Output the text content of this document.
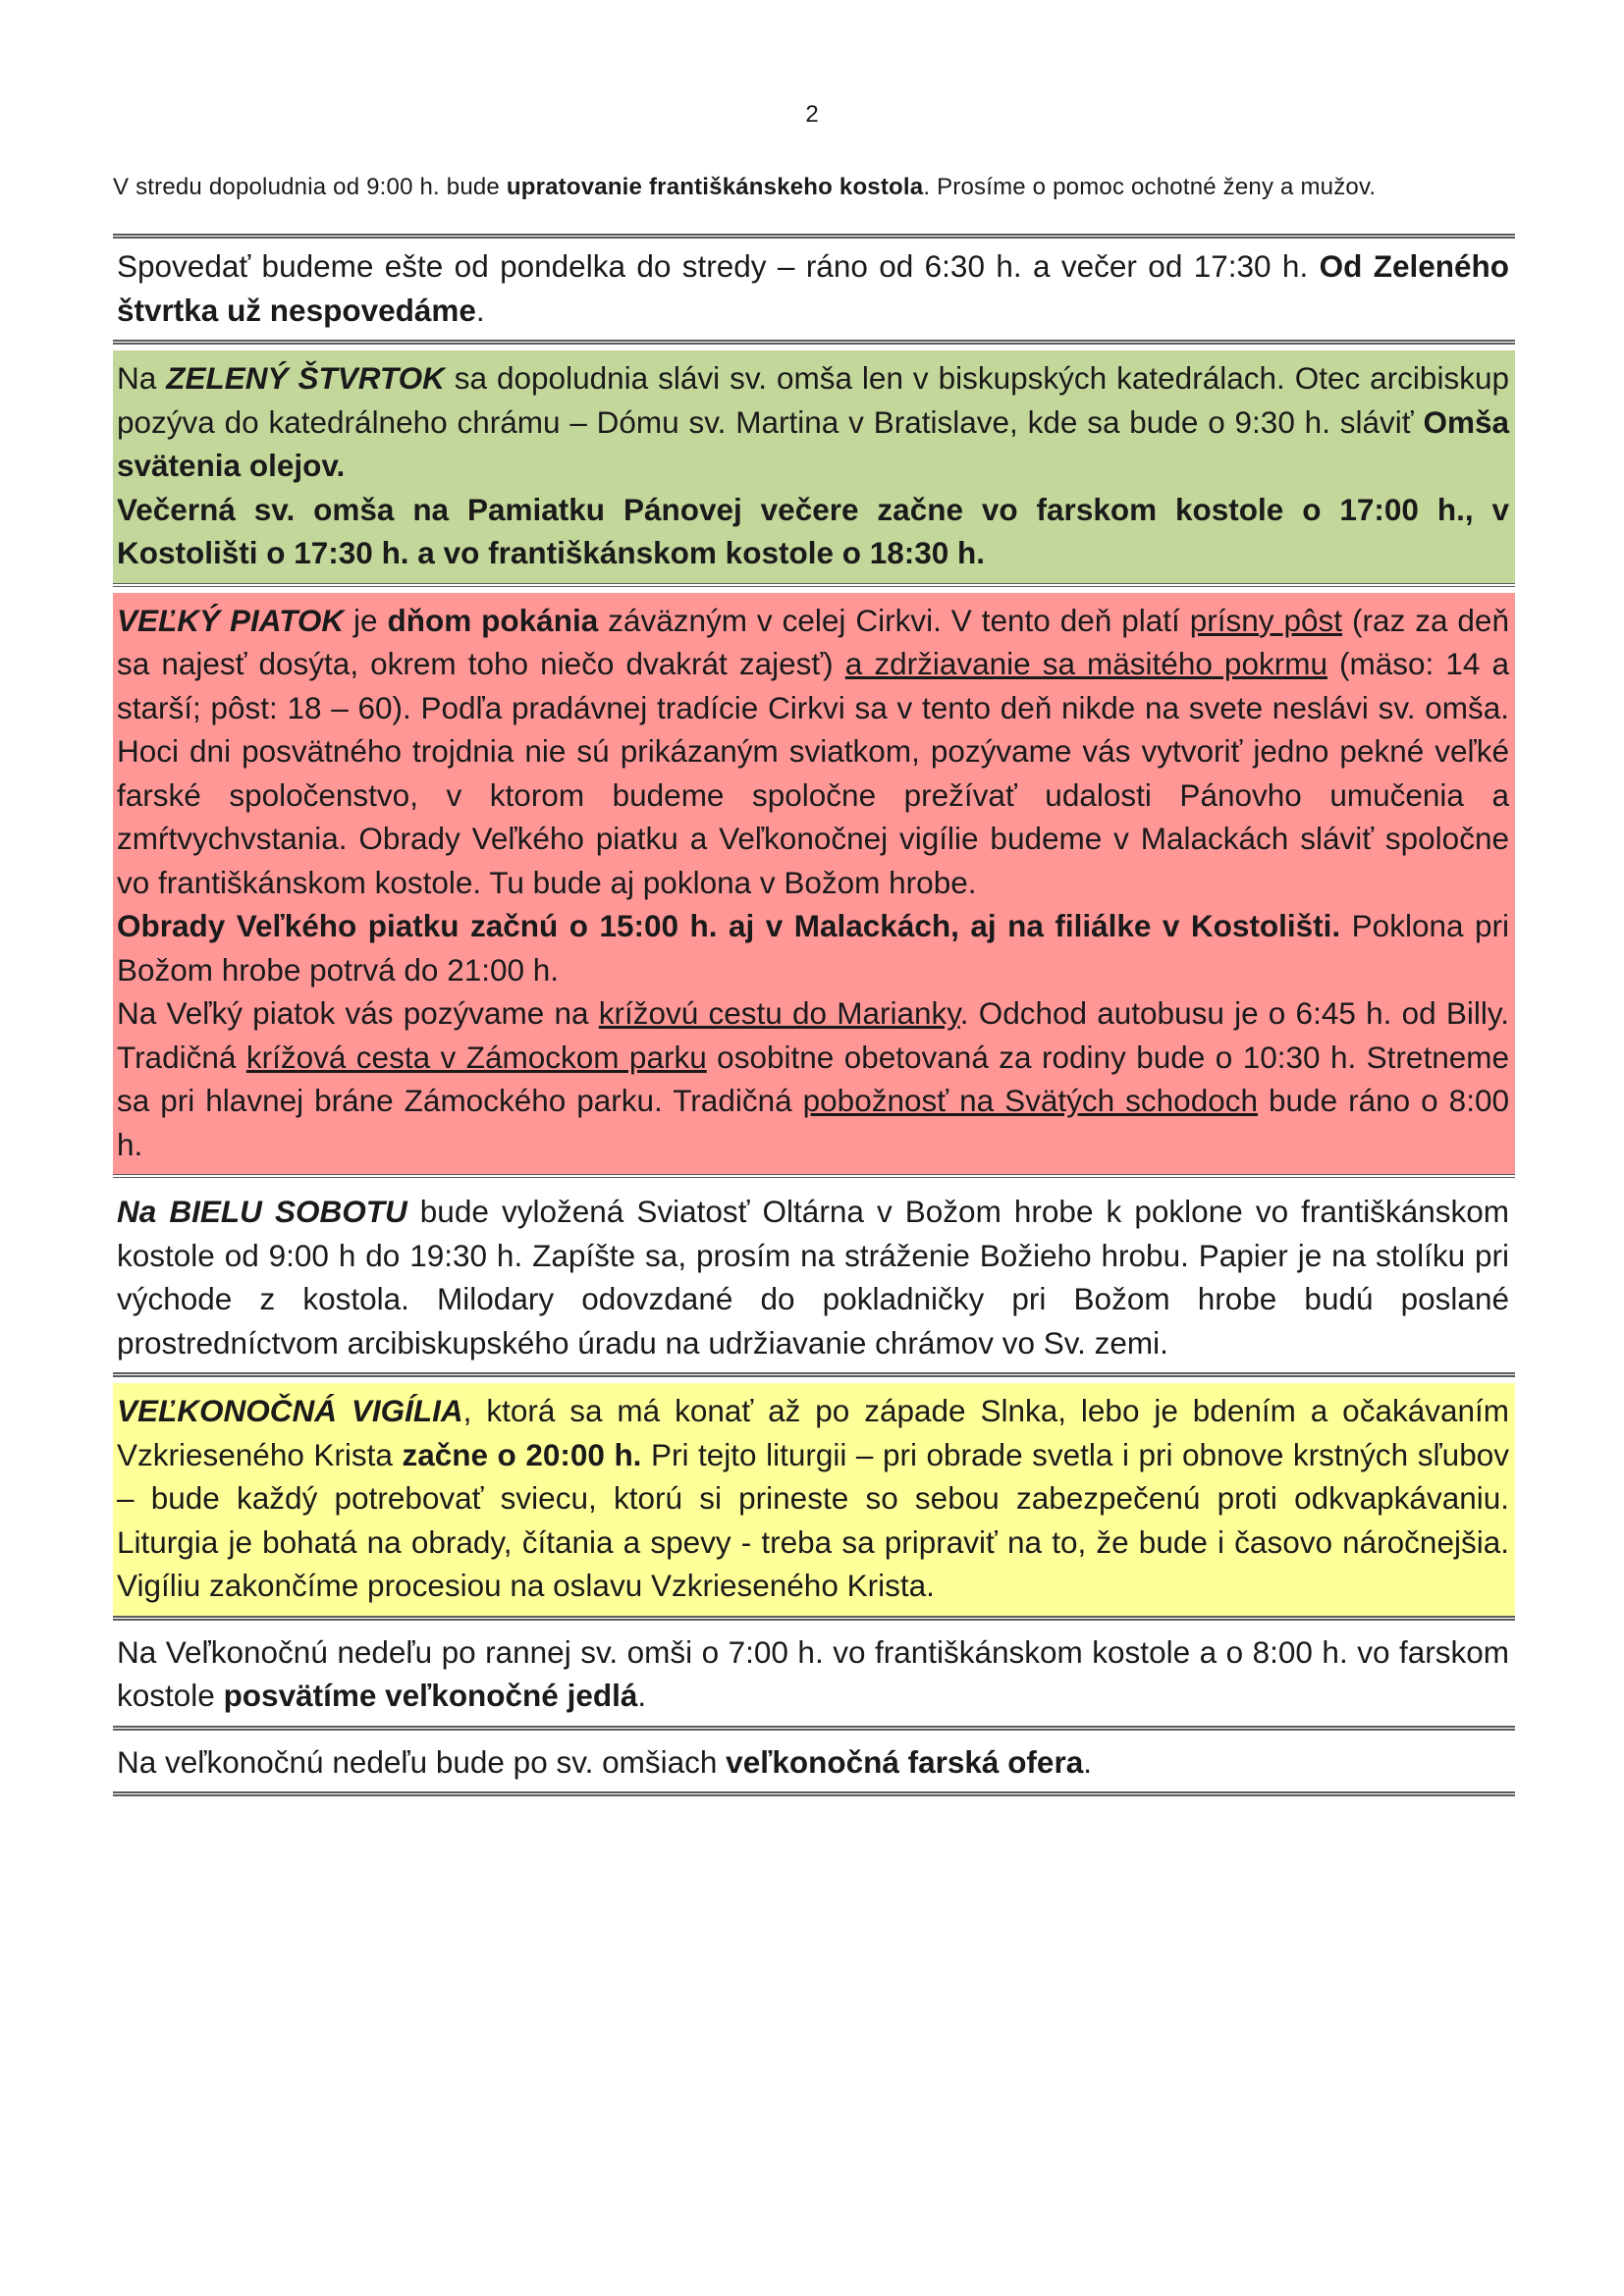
2

V stredu dopoludnia od 9:00 h. bude upratovanie františkánskeho kostola. Prosíme o pomoc ochotné ženy a mužov.

Spovedať budeme ešte od pondelka do stredy – ráno od 6:30 h. a večer od 17:30 h. Od Zeleného štvrtka už nespovedáme.

Na ZELENÝ ŠTVRTOK sa dopoludnia slávi sv. omša len v biskupských katedrálach. Otec arcibiskup pozýva do katedrálneho chrámu – Dómu sv. Martina v Bratislave, kde sa bude o 9:30 h. sláviť Omša svätenia olejov.

Večerná sv. omša na Pamiatku Pánovej večere začne vo farskom kostole o 17:00 h., v Kostolišti o 17:30 h. a vo františkánskom kostole o 18:30 h.

VEĽKÝ PIATOK je dňom pokánia záväzným v celej Cirkvi. V tento deň platí prísny pôst (raz za deň sa najesť dosýta, okrem toho niečo dvakrát zajesť) a zdržiavanie sa mäsitého pokrmu (mäso: 14 a starší; pôst: 18 – 60). Podľa pradávnej tradície Cirkvi sa v tento deň nikde na svete neslávi sv. omša. Hoci dni posvätného trojdnia nie sú prikázaným sviatkom, pozývame vás vytvoriť jedno pekné veľké farské spoločenstvo, v ktorom budeme spoločne prežívať udalosti Pánovho umučenia a zmŕtvychvstania. Obrady Veľkého piatku a Veľkonočnej vigílie budeme v Malackách sláviť spoločne vo františkánskom kostole. Tu bude aj poklona v Božom hrobe.

Obrady Veľkého piatku začnú o 15:00 h. aj v Malackách, aj na filiálke v Kostolišti. Poklona pri Božom hrobe potrvá do 21:00 h.

Na Veľký piatok vás pozývame na krížovú cestu do Marianky. Odchod autobusu je o 6:45 h. od Billy. Tradičná krížová cesta v Zámockom parku osobitne obetovaná za rodiny bude o 10:30 h. Stretneme sa pri hlavnej bráne Zámockého parku. Tradičná pobožnosť na Svätých schodoch bude ráno o 8:00 h.

Na BIELU SOBOTU bude vyložená Sviatosť Oltárna v Božom hrobe k poklone vo františkánskom kostole od 9:00 h do 19:30 h. Zapíšte sa, prosím na stráženie Božieho hrobu. Papier je na stolíku pri východe z kostola. Milodary odovzdané do pokladničky pri Božom hrobe budú poslané prostredníctvom arcibiskupského úradu na udržiavanie chrámov vo Sv. zemi.

VEĽKONOČNÁ VIGÍLIA, ktorá sa má konať až po západe Slnka, lebo je bdením a očakávaním Vzkrieseného Krista začne o 20:00 h. Pri tejto liturgii – pri obrade svetla i pri obnove krstných sľubov – bude každý potrebovať sviecu, ktorú si prineste so sebou zabezpečenú proti odkvapkávaniu. Liturgia je bohatá na obrady, čítania a spevy - treba sa pripraviť na to, že bude i časovo náročnejšia. Vigíliu zakončíme procesiou na oslavu Vzkrieseného Krista.

Na Veľkonočnú nedeľu po rannej sv. omši o 7:00 h. vo františkánskom kostole a o 8:00 h. vo farskom kostole posvätíme veľkonočné jedlá.

Na veľkonočnú nedeľu bude po sv. omšiach veľkonočná farská ofera.
